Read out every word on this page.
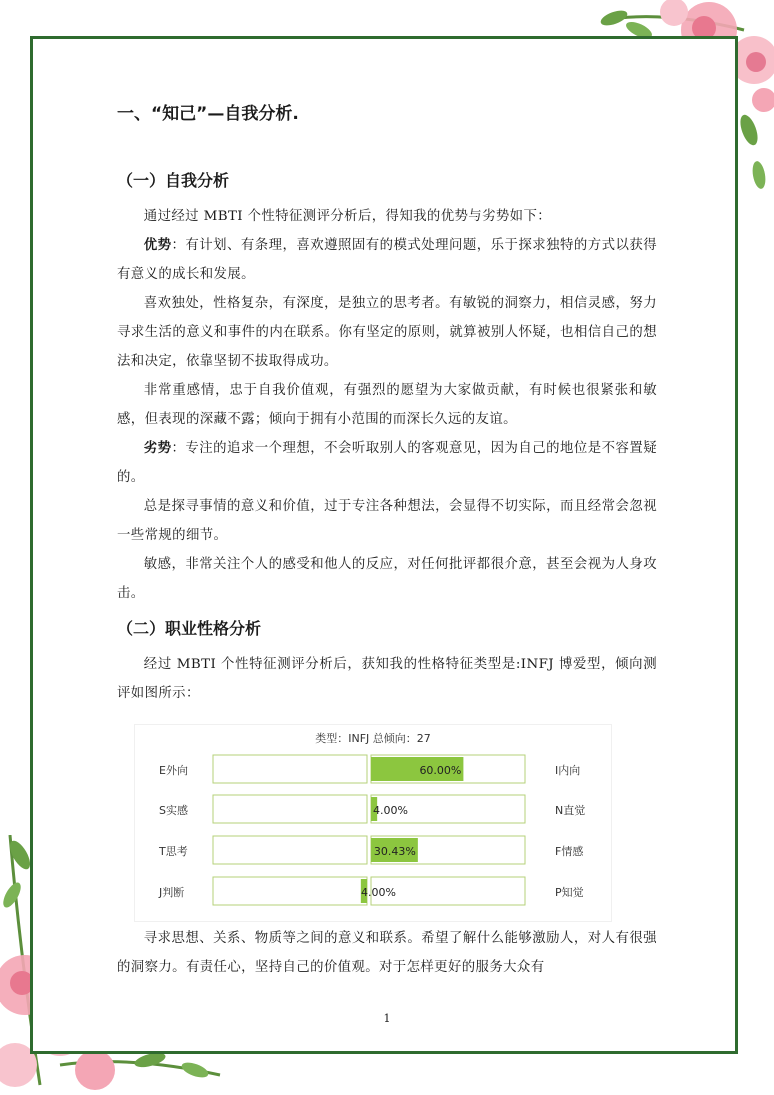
一、“知己”—自我分析.
（一）自我分析

通过经过 MBTI 个性特征测评分析后，得知我的优势与劣势如下：

优势：有计划、有条理，喜欢遵照固有的模式处理问题，乐于探求独特的方式以获得有意义的成长和发展。

喜欢独处，性格复杂，有深度，是独立的思考者。有敏锐的洞察力，相信灵感，努力寻求生活的意义和事件的内在联系。你有坚定的原则，就算被别人怀疑，也相信自己的想法和决定，依靠坚韧不拔取得成功。

非常重感情，忠于自我价值观，有强烈的愿望为大家做贡献，有时候也很紧张和敏感，但表现的深藏不露；倾向于拥有小范围的而深长久远的友谊。

劣势：专注的追求一个理想，不会听取别人的客观意见，因为自己的地位是不容置疑的。

总是探寻事情的意义和价值，过于专注各种想法，会显得不切实际，而且经常会忽视一些常规的细节。

敏感，非常关注个人的感受和他人的反应，对任何批评都很介意，甚至会视为人身攻击。

（二）职业性格分析

经过 MBTI 个性特征测评分析后，获知我的性格特征类型是:INFJ 博爱型，倾向测评如图所示：

类型：INFJ 总倾向：27
60.00%
E外向	I内向
4.00%
S实感	N直觉
30.43%
T思考	F情感
4.00%
J判断	P知觉

寻求思想、关系、物质等之间的意义和联系。希望了解什么能够激励人，对人有很强的洞察力。有责任心，坚持自己的价值观。对于怎样更好的服务大众有

1
